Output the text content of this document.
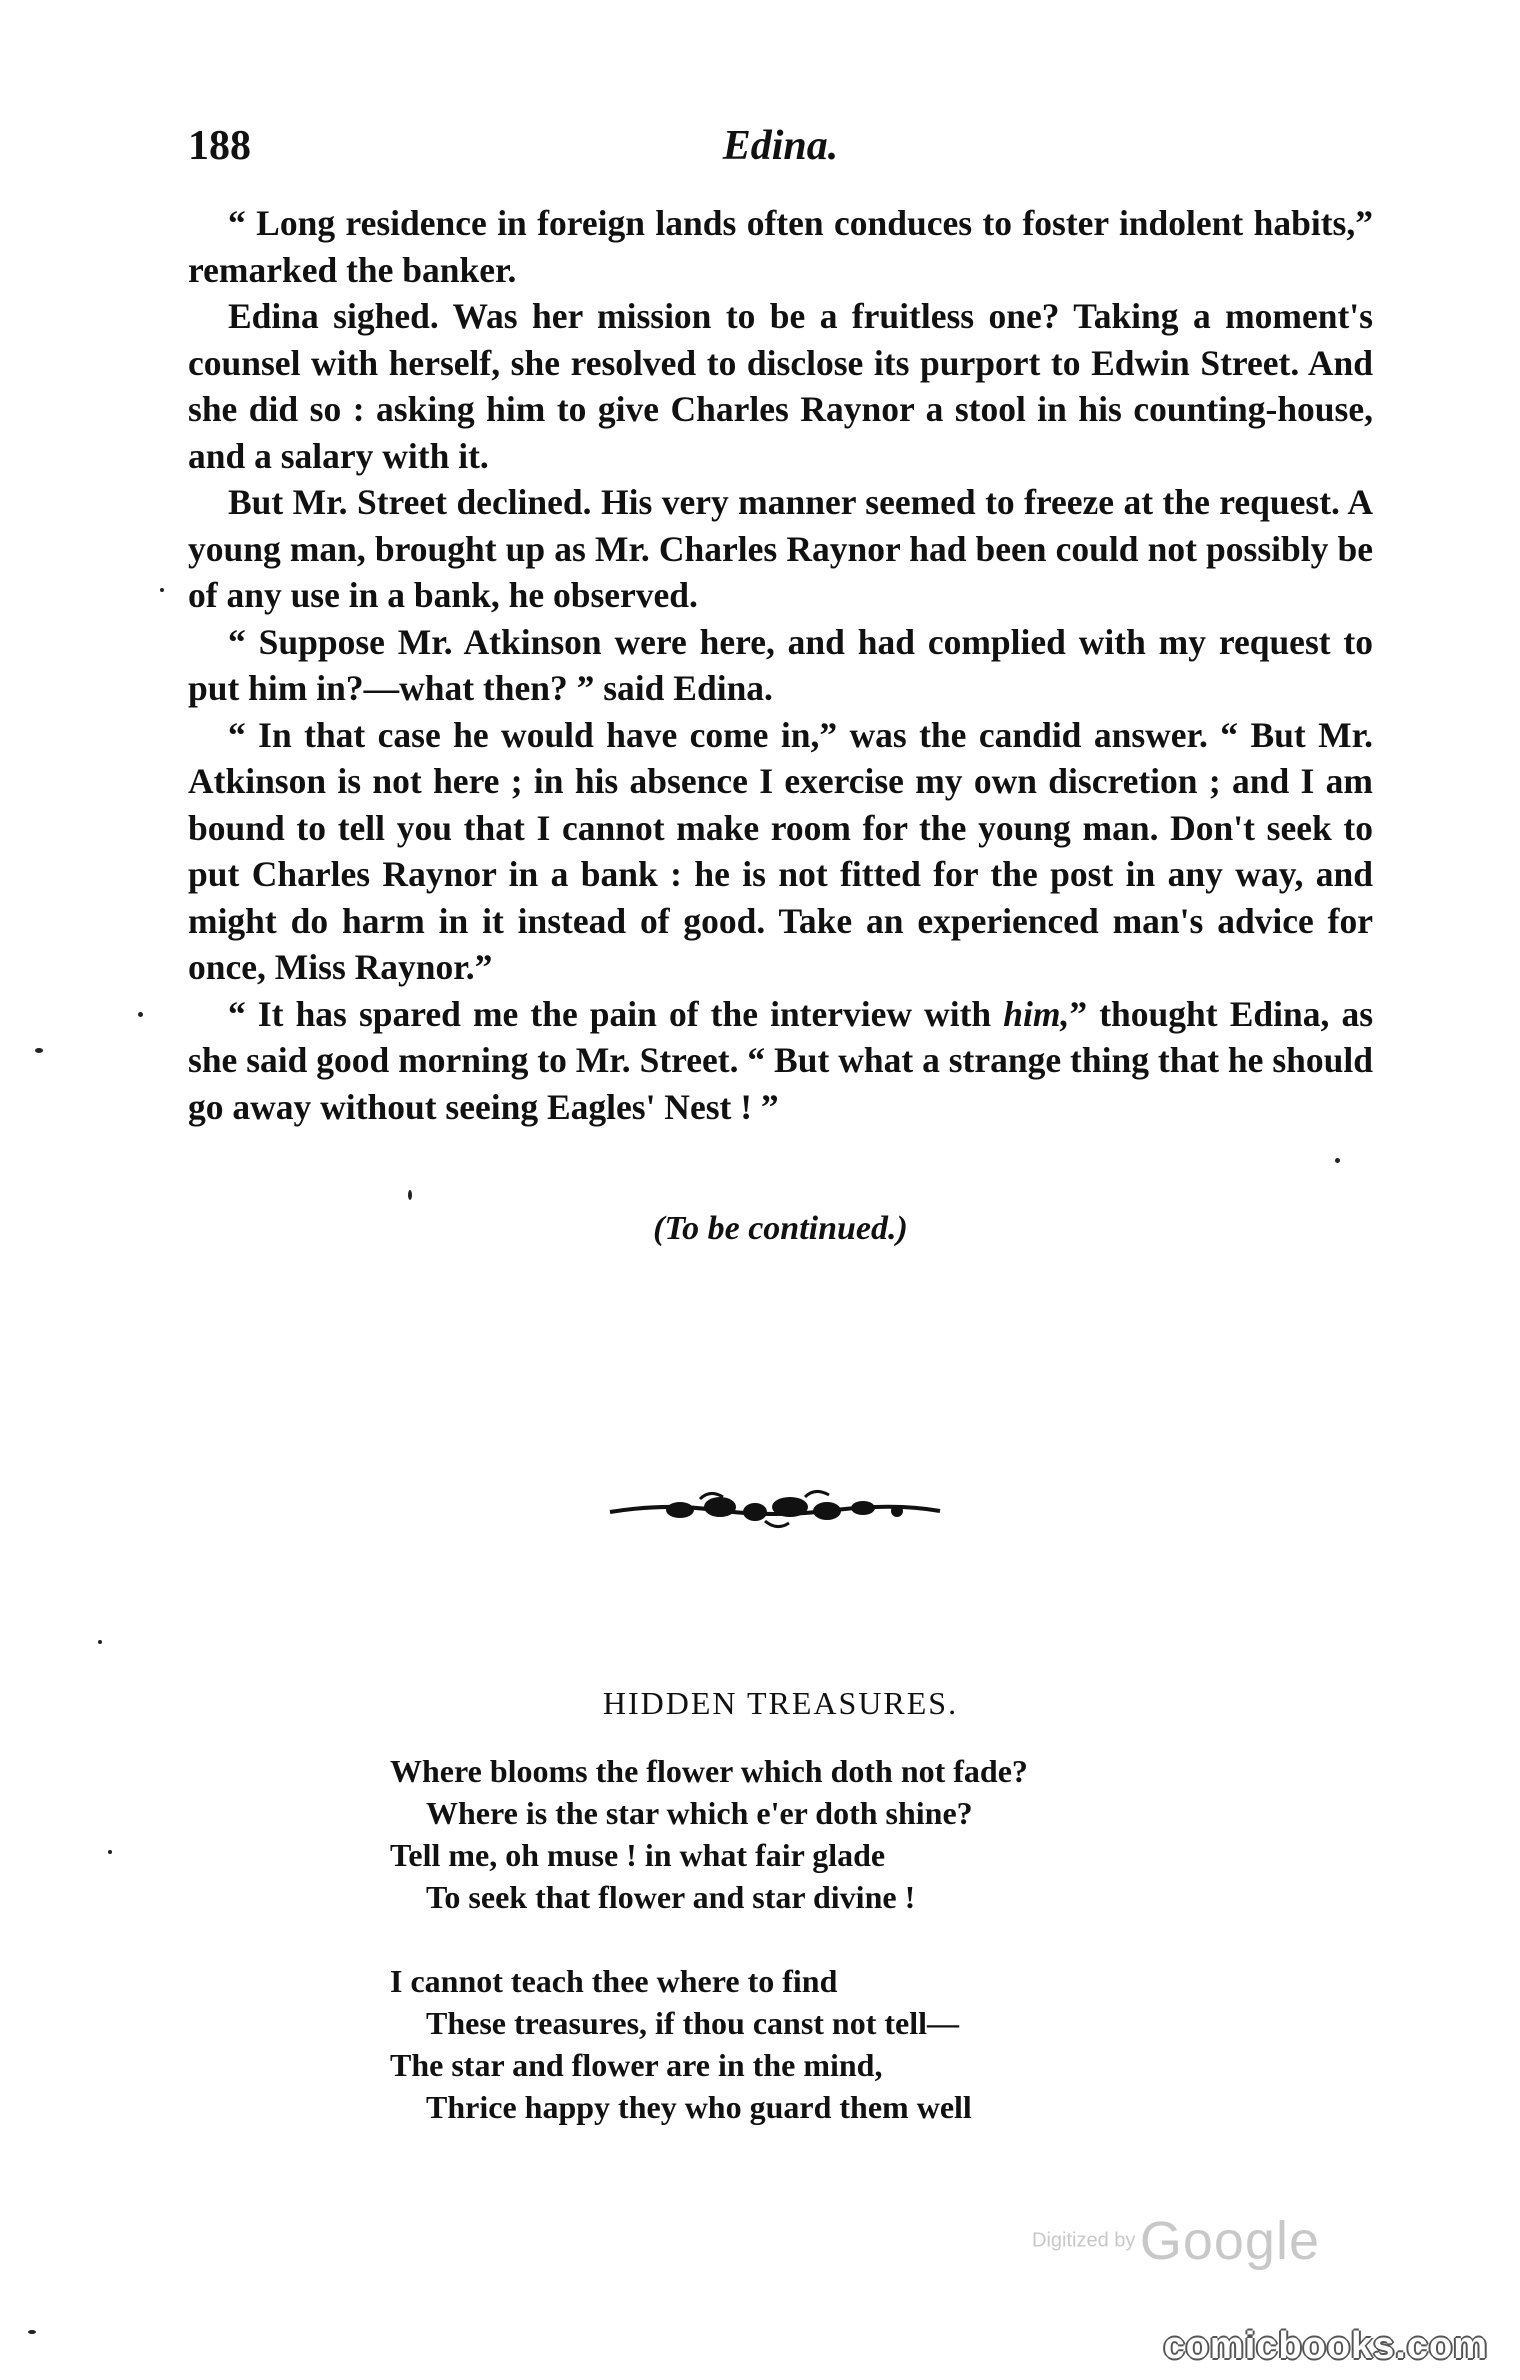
188	Edina.

“ Long residence in foreign lands often conduces to foster indolent habits,” remarked the banker.

Edina sighed. Was her mission to be a fruitless one? Taking a moment's counsel with herself, she resolved to disclose its purport to Edwin Street. And she did so : asking him to give Charles Raynor a stool in his counting-house, and a salary with it.

But Mr. Street declined. His very manner seemed to freeze at the request. A young man, brought up as Mr. Charles Raynor had been could not possibly be of any use in a bank, he observed.

“ Suppose Mr. Atkinson were here, and had complied with my request to put him in?—what then? ” said Edina.

“ In that case he would have come in,” was the candid answer. “ But Mr. Atkinson is not here ; in his absence I exercise my own discretion ; and I am bound to tell you that I cannot make room for the young man. Don't seek to put Charles Raynor in a bank : he is not fitted for the post in any way, and might do harm in it instead of good. Take an experienced man's advice for once, Miss Raynor.”

“ It has spared me the pain of the interview with him,” thought Edina, as she said good morning to Mr. Street. “ But what a strange thing that he should go away without seeing Eagles' Nest ! ”

(To be continued.)
HIDDEN TREASURES.
Where blooms the flower which doth not fade?
Where is the star which e'er doth shine?
Tell me, oh muse ! in what fair glade
To seek that flower and star divine !
I cannot teach thee where to find
These treasures, if thou canst not tell—
The star and flower are in the mind,
Thrice happy they who guard them well
Digitized by Google
comicbooks.com
